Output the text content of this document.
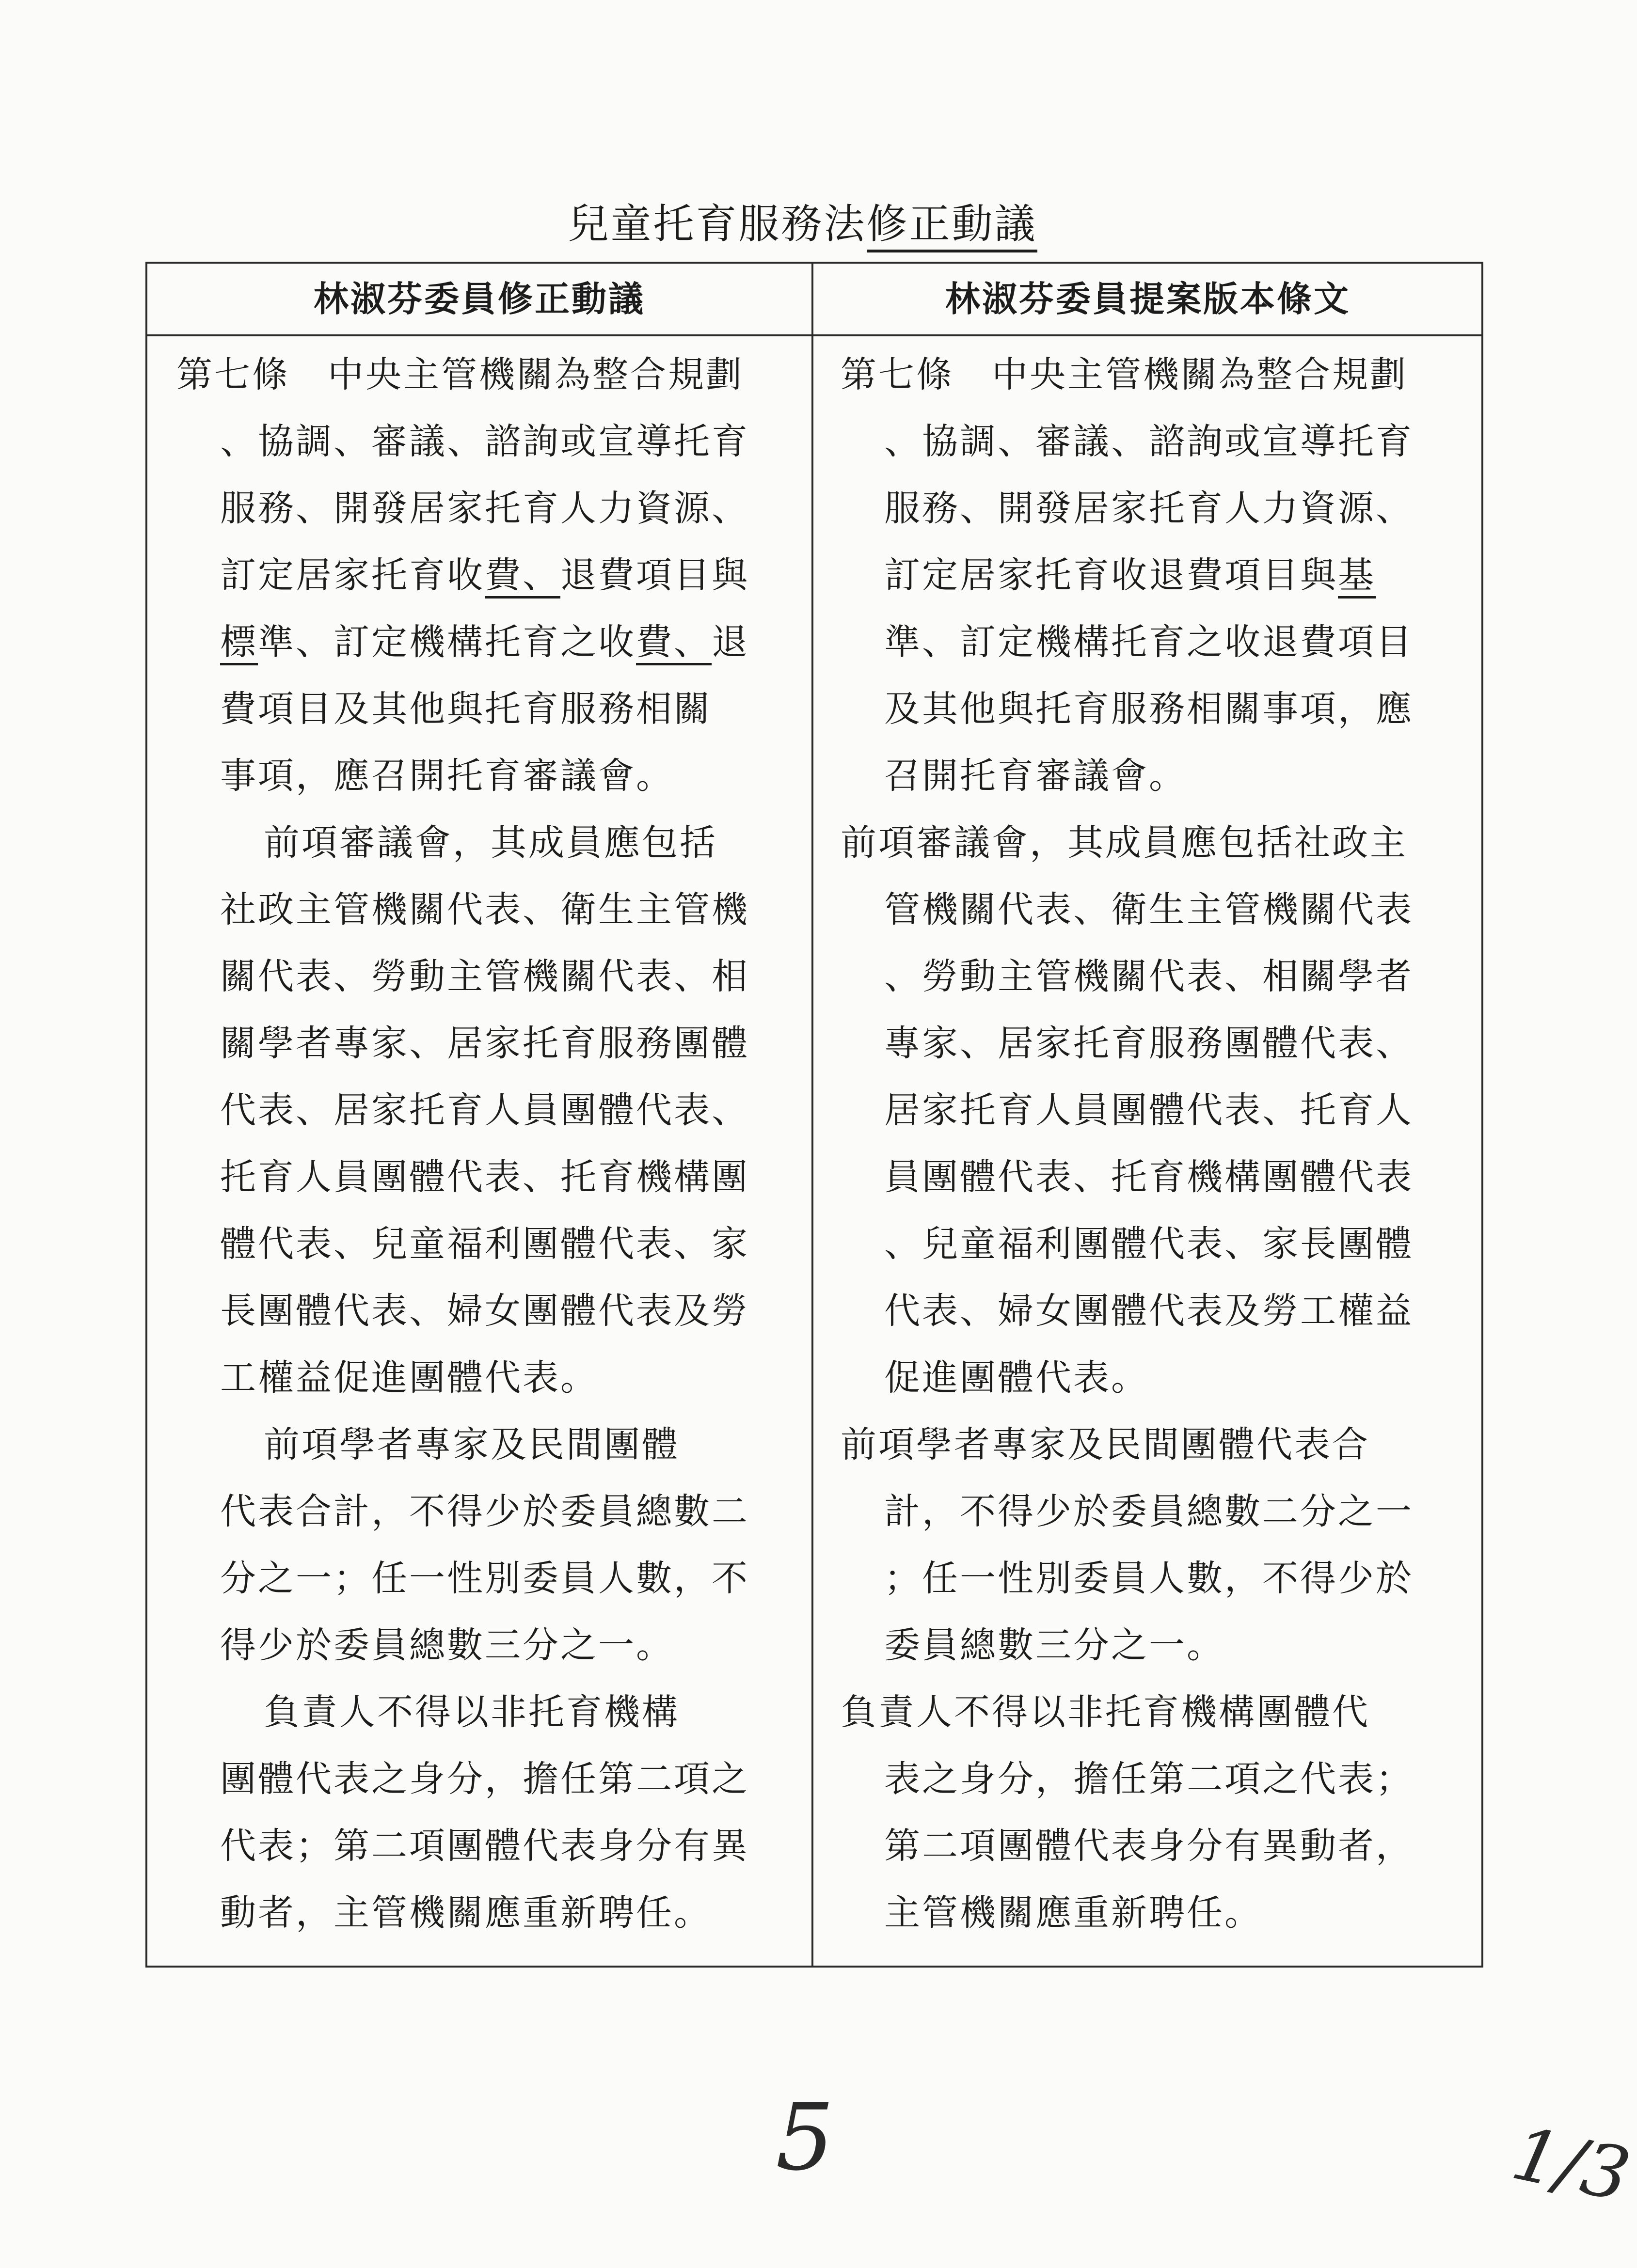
兒童托育服務法修正動議
林淑芬委員修正動議	林淑芬委員提案版本條文
第七條　中央主管機關為整合規劃
、協調、審議、諮詢或宣導托育
服務、開發居家托育人力資源、
訂定居家托育收費、退費項目與
標準、訂定機構托育之收費、退
費項目及其他與托育服務相關
事項，應召開托育審議會。
前項審議會，其成員應包括
社政主管機關代表、衛生主管機
關代表、勞動主管機關代表、相
關學者專家、居家托育服務團體
代表、居家托育人員團體代表、
托育人員團體代表、托育機構團
體代表、兒童福利團體代表、家
長團體代表、婦女團體代表及勞
工權益促進團體代表。
前項學者專家及民間團體
代表合計，不得少於委員總數二
分之一；任一性別委員人數，不
得少於委員總數三分之一。
負責人不得以非托育機構
團體代表之身分，擔任第二項之
代表；第二項團體代表身分有異
動者，主管機關應重新聘任。
第七條　中央主管機關為整合規劃
、協調、審議、諮詢或宣導托育
服務、開發居家托育人力資源、
訂定居家托育收退費項目與基
準、訂定機構托育之收退費項目
及其他與托育服務相關事項，應
召開托育審議會。
前項審議會，其成員應包括社政主
管機關代表、衛生主管機關代表
、勞動主管機關代表、相關學者
專家、居家托育服務團體代表、
居家托育人員團體代表、托育人
員團體代表、托育機構團體代表
、兒童福利團體代表、家長團體
代表、婦女團體代表及勞工權益
促進團體代表。
前項學者專家及民間團體代表合
計，不得少於委員總數二分之一
；任一性別委員人數，不得少於
委員總數三分之一。
負責人不得以非托育機構團體代
表之身分，擔任第二項之代表；
第二項團體代表身分有異動者，
主管機關應重新聘任。
5	1/3
